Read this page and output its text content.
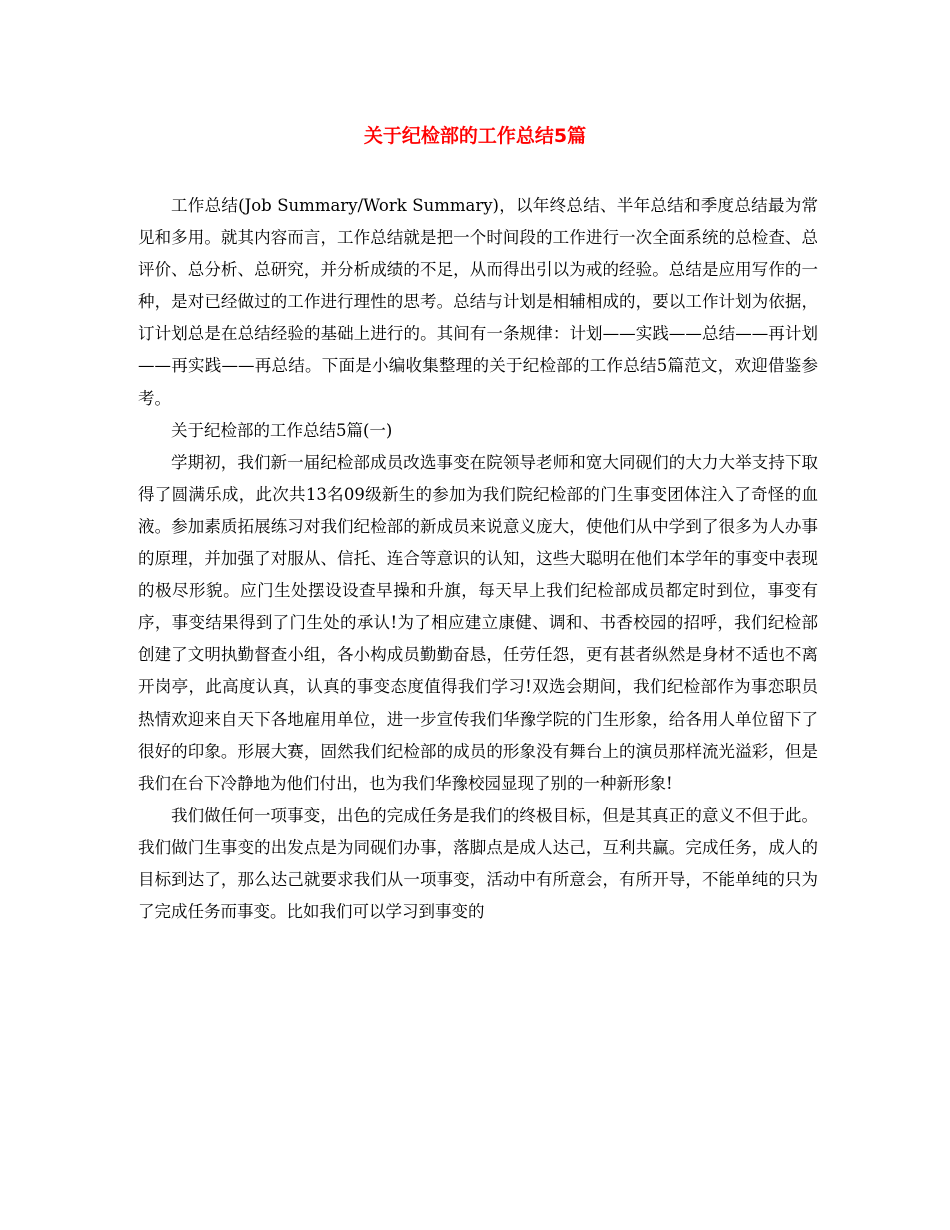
关于纪检部的工作总结5篇

工作总结(Job Summary/Work Summary)，以年终总结、半年总结和季度总结最为常见和多用。就其内容而言，工作总结就是把一个时间段的工作进行一次全面系统的总检查、总评价、总分析、总研究，并分析成绩的不足，从而得出引以为戒的经验。总结是应用写作的一种，是对已经做过的工作进行理性的思考。总结与计划是相辅相成的，要以工作计划为依据，订计划总是在总结经验的基础上进行的。其间有一条规律：计划——实践——总结——再计划——再实践——再总结。下面是小编收集整理的关于纪检部的工作总结5篇范文，欢迎借鉴参考。

关于纪检部的工作总结5篇(一)

学期初，我们新一届纪检部成员改选事变在院领导老师和宽大同砚们的大力大举支持下取得了圆满乐成，此次共13名09级新生的参加为我们院纪检部的门生事变团体注入了奇怪的血液。参加素质拓展练习对我们纪检部的新成员来说意义庞大，使他们从中学到了很多为人办事的原理，并加强了对服从、信托、连合等意识的认知，这些大聪明在他们本学年的事变中表现的极尽形貌。应门生处摆设设查早操和升旗，每天早上我们纪检部成员都定时到位，事变有序，事变结果得到了门生处的承认!为了相应建立康健、调和、书香校园的招呼，我们纪检部创建了文明执勤督查小组，各小构成员勤勤奋恳，任劳任怨，更有甚者纵然是身材不适也不离开岗亭，此高度认真，认真的事变态度值得我们学习!双选会期间，我们纪检部作为事恋职员热情欢迎来自天下各地雇用单位，进一步宣传我们华豫学院的门生形象，给各用人单位留下了很好的印象。形展大赛，固然我们纪检部的成员的形象没有舞台上的演员那样流光溢彩，但是我们在台下冷静地为他们付出，也为我们华豫校园显现了别的一种新形象!

我们做任何一项事变，出色的完成任务是我们的终极目标，但是其真正的意义不但于此。我们做门生事变的出发点是为同砚们办事，落脚点是成人达己，互利共赢。完成任务，成人的目标到达了，那么达己就要求我们从一项事变，活动中有所意会，有所开导，不能单纯的只为了完成任务而事变。比如我们可以学习到事变的
